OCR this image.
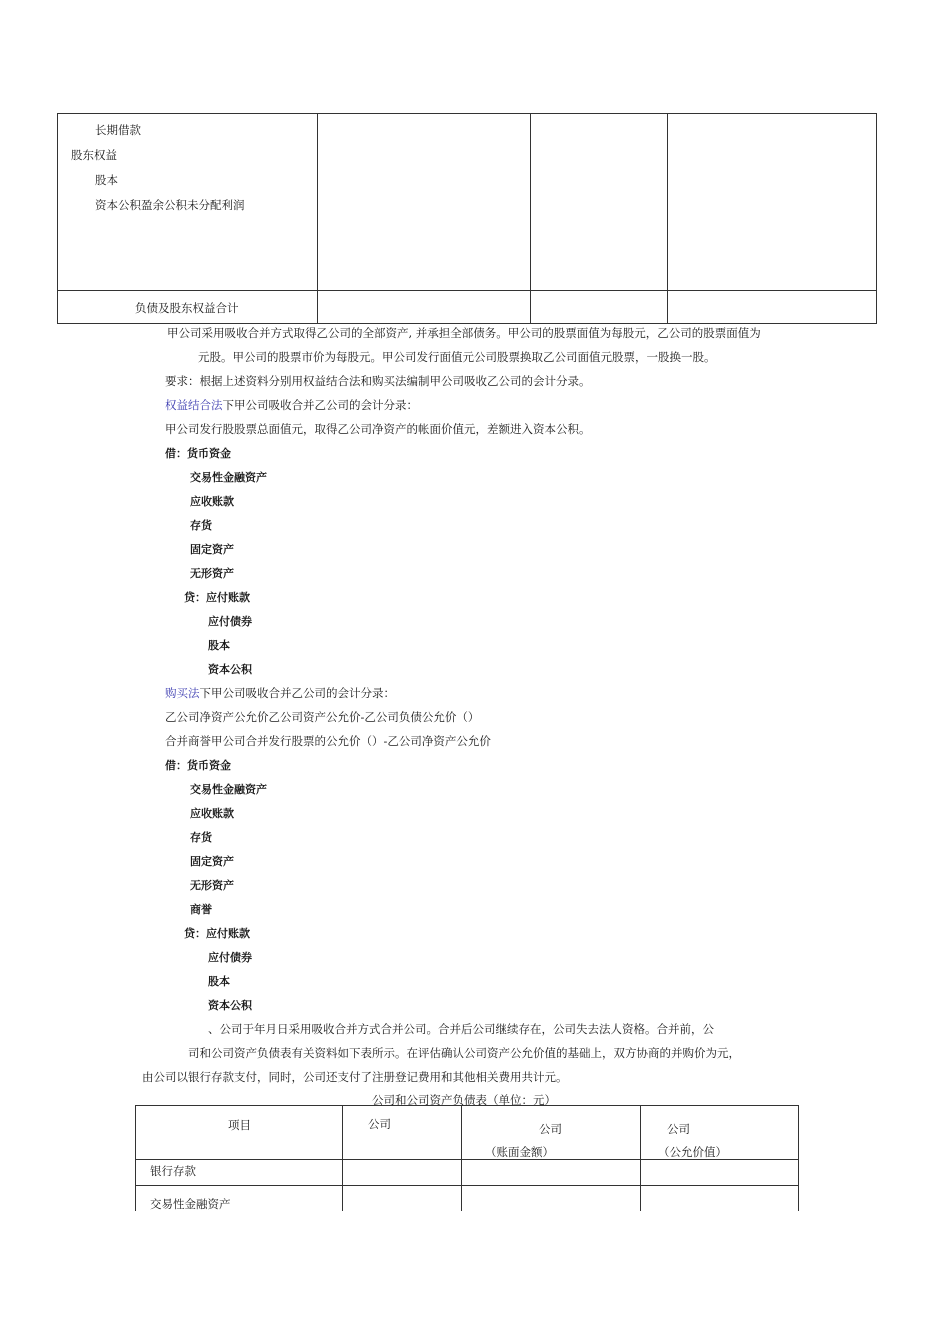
长期借款
股东权益
股本
资本公积盈余公积未分配利润
负债及股东权益合计
甲公司采用吸收合并方式取得乙公司的全部资产, 并承担全部债务。甲公司的股票面值为每股元，乙公司的股票面值为
元股。甲公司的股票市价为每股元。甲公司发行面值元公司股票换取乙公司面值元股票，一股换一股。
要求：根据上述资料分别用权益结合法和购买法编制甲公司吸收乙公司的会计分录。
权益结合法下甲公司吸收合并乙公司的会计分录：
甲公司发行股股票总面值元，取得乙公司净资产的帐面价值元，差额进入资本公积。
借：货币资金
交易性金融资产
应收账款
存货
固定资产
无形资产
贷：应付账款
应付债券
股本
资本公积
购买法下甲公司吸收合并乙公司的会计分录：
乙公司净资产公允价乙公司资产公允价-乙公司负债公允价（）
合并商誉甲公司合并发行股票的公允价（）-乙公司净资产公允价
借：货币资金
交易性金融资产
应收账款
存货
固定资产
无形资产
商誉
贷：应付账款
应付债券
股本
资本公积
、公司于年月日采用吸收合并方式合并公司。合并后公司继续存在，公司失去法人资格。合并前，公
司和公司资产负债表有关资料如下表所示。在评估确认公司资产公允价值的基础上，双方协商的并购价为元，
由公司以银行存款支付，同时，公司还支付了注册登记费用和其他相关费用共计元。
公司和公司资产负债表（单位：元）
项目	公司	公司
（账面金额）
公司
（公允价值）
银行存款
交易性金融资产
